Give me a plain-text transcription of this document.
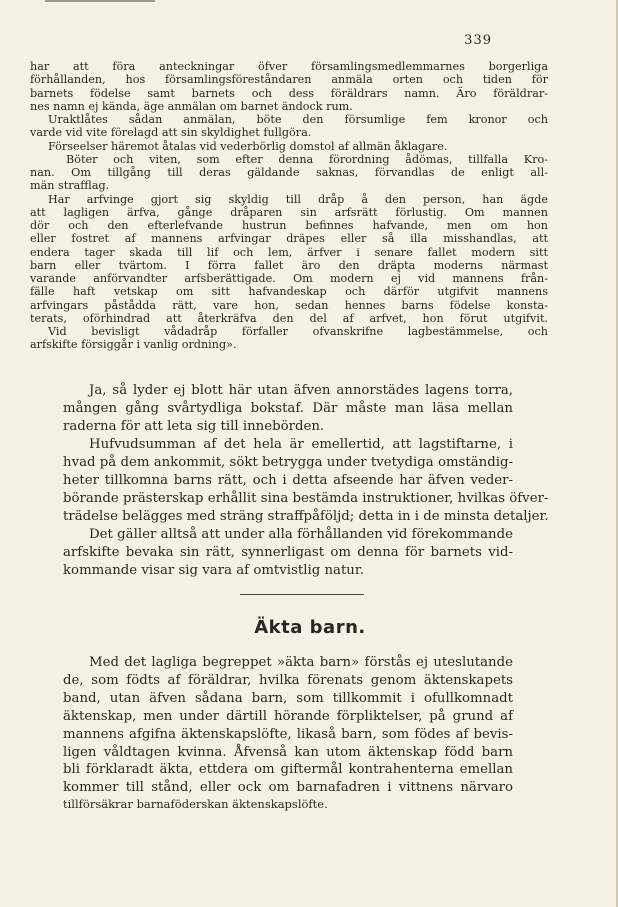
339

har att föra anteckningar öfver församlingsmedlemmarnes borgerliga

förhållanden, hos församlingsföreståndaren anmäla orten och tiden för

barnets födelse samt barnets och dess föräldrars namn. Äro föräldrar-

nes namn ej kända, äge anmälan om barnet ändock rum.

Uraktlåtes sådan anmälan, böte den försumlige fem kronor och

varde vid vite förelagd att sin skyldighet fullgöra.

Förseelser häremot åtalas vid vederbörlig domstol af allmän åklagare.

Böter och viten, som efter denna förordning ådömas, tillfalla Kro-

nan. Om tillgång till deras gäldande saknas, förvandlas de enligt all-

män strafflag.

Har arfvinge gjort sig skyldig till dråp å den person, han ägde

att lagligen ärfva, gånge dråparen sin arfsrätt förlustig. Om mannen

dör och den efterlefvande hustrun befinnes hafvande, men om hon

eller fostret af mannens arfvingar dräpes eller så illa misshandlas, att

endera tager skada till lif och lem, ärfver i senare fallet modern sitt

barn eller tvärtom. I förra fallet äro den dräpta moderns närmast

varande anförvandter arfsberättigade. Om modern ej vid mannens från-

fälle haft vetskap om sitt hafvandeskap och därför utgifvit mannens

arfvingars påstådda rätt, vare hon, sedan hennes barns födelse konsta-

terats, oförhindrad att återkräfva den del af arfvet, hon förut utgifvit.

Vid bevisligt vådadråp förfaller ofvanskrifne lagbestämmelse, och

arfskifte försiggår i vanlig ordning».

Ja, så lyder ej blott här utan äfven annorstädes lagens torra,

mången gång svårtydliga bokstaf. Där måste man läsa mellan

raderna för att leta sig till innebörden.

Hufvudsumman af det hela är emellertid, att lagstiftarne, i

hvad på dem ankommit, sökt betrygga under tvetydiga omständig-

heter tillkomna barns rätt, och i detta afseende har äfven veder-

börande prästerskap erhållit sina bestämda instruktioner, hvilkas öfver-

trädelse belägges med sträng straffpåföljd; detta in i de minsta detaljer.

Det gäller alltså att under alla förhållanden vid förekommande

arfskifte bevaka sin rätt, synnerligast om denna för barnets vid-

kommande visar sig vara af omtvistlig natur.

Äkta barn.

Med det lagliga begreppet »äkta barn» förstås ej uteslutande

de, som födts af föräldrar, hvilka förenats genom äktenskapets

band, utan äfven sådana barn, som tillkommit i ofullkomnadt

äktenskap, men under därtill hörande förpliktelser, på grund af

mannens afgifna äktenskapslöfte, likaså barn, som födes af bevis-

ligen våldtagen kvinna. Åfvenså kan utom äktenskap född barn

bli förklaradt äkta, ettdera om giftermål kontrahenterna emellan

kommer till stånd, eller ock om barnafadren i vittnens närvaro

tillförsäkrar barnaföderskan äktenskapslöfte.
